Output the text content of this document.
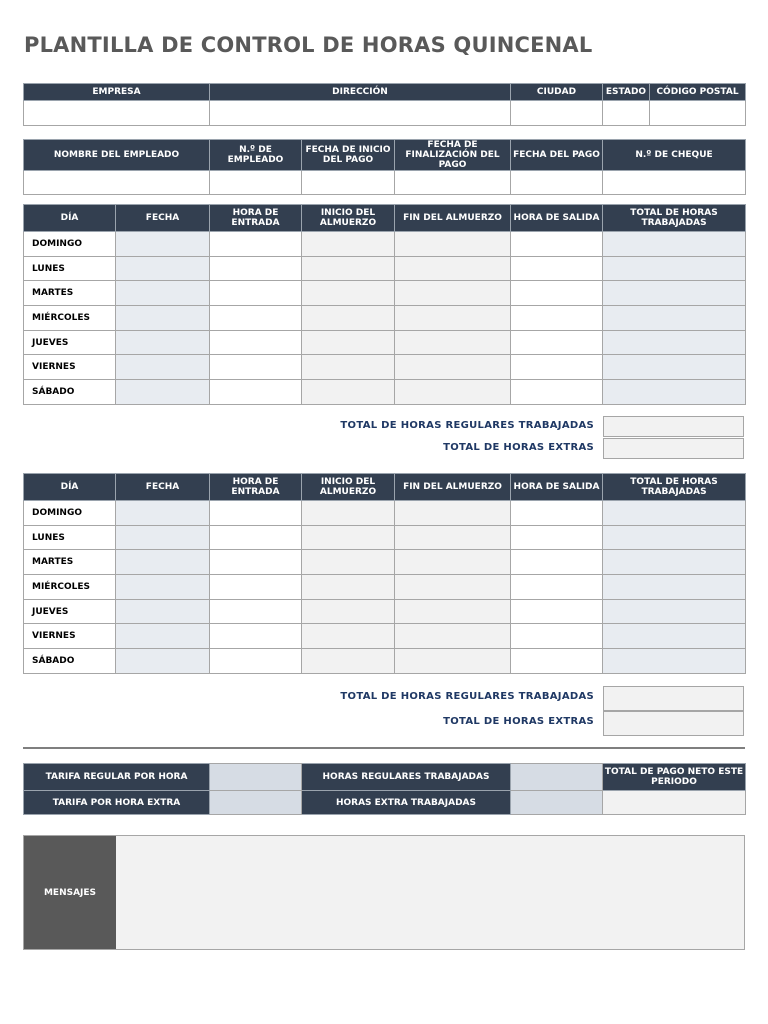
PLANTILLA DE CONTROL DE HORAS QUINCENAL
EMPRESA	DIRECCIÓN	CIUDAD	ESTADO	CÓDIGO POSTAL

NOMBRE DEL EMPLEADO	N.º DE EMPLEADO	FECHA DE INICIO DEL PAGO	FECHA DE FINALIZACIÓN DEL PAGO	FECHA DEL PAGO	N.º DE CHEQUE

DÍA	FECHA	HORA DE ENTRADA	INICIO DEL ALMUERZO	FIN DEL ALMUERZO	HORA DE SALIDA	TOTAL DE HORAS TRABAJADAS
DOMINGO						
LUNES						
MARTES						
MIÉRCOLES						
JUEVES						
VIERNES						
SÁBADO						
TOTAL DE HORAS REGULARES TRABAJADAS
TOTAL DE HORAS EXTRAS
DÍA	FECHA	HORA DE ENTRADA	INICIO DEL ALMUERZO	FIN DEL ALMUERZO	HORA DE SALIDA	TOTAL DE HORAS TRABAJADAS
DOMINGO						
LUNES						
MARTES						
MIÉRCOLES						
JUEVES						
VIERNES						
SÁBADO						
TOTAL DE HORAS REGULARES TRABAJADAS
TOTAL DE HORAS EXTRAS
TARIFA REGULAR POR HORA		HORAS REGULARES TRABAJADAS		TOTAL DE PAGO NETO ESTE PERIODO
TARIFA POR HORA EXTRA		HORAS EXTRA TRABAJADAS		
MENSAJES
